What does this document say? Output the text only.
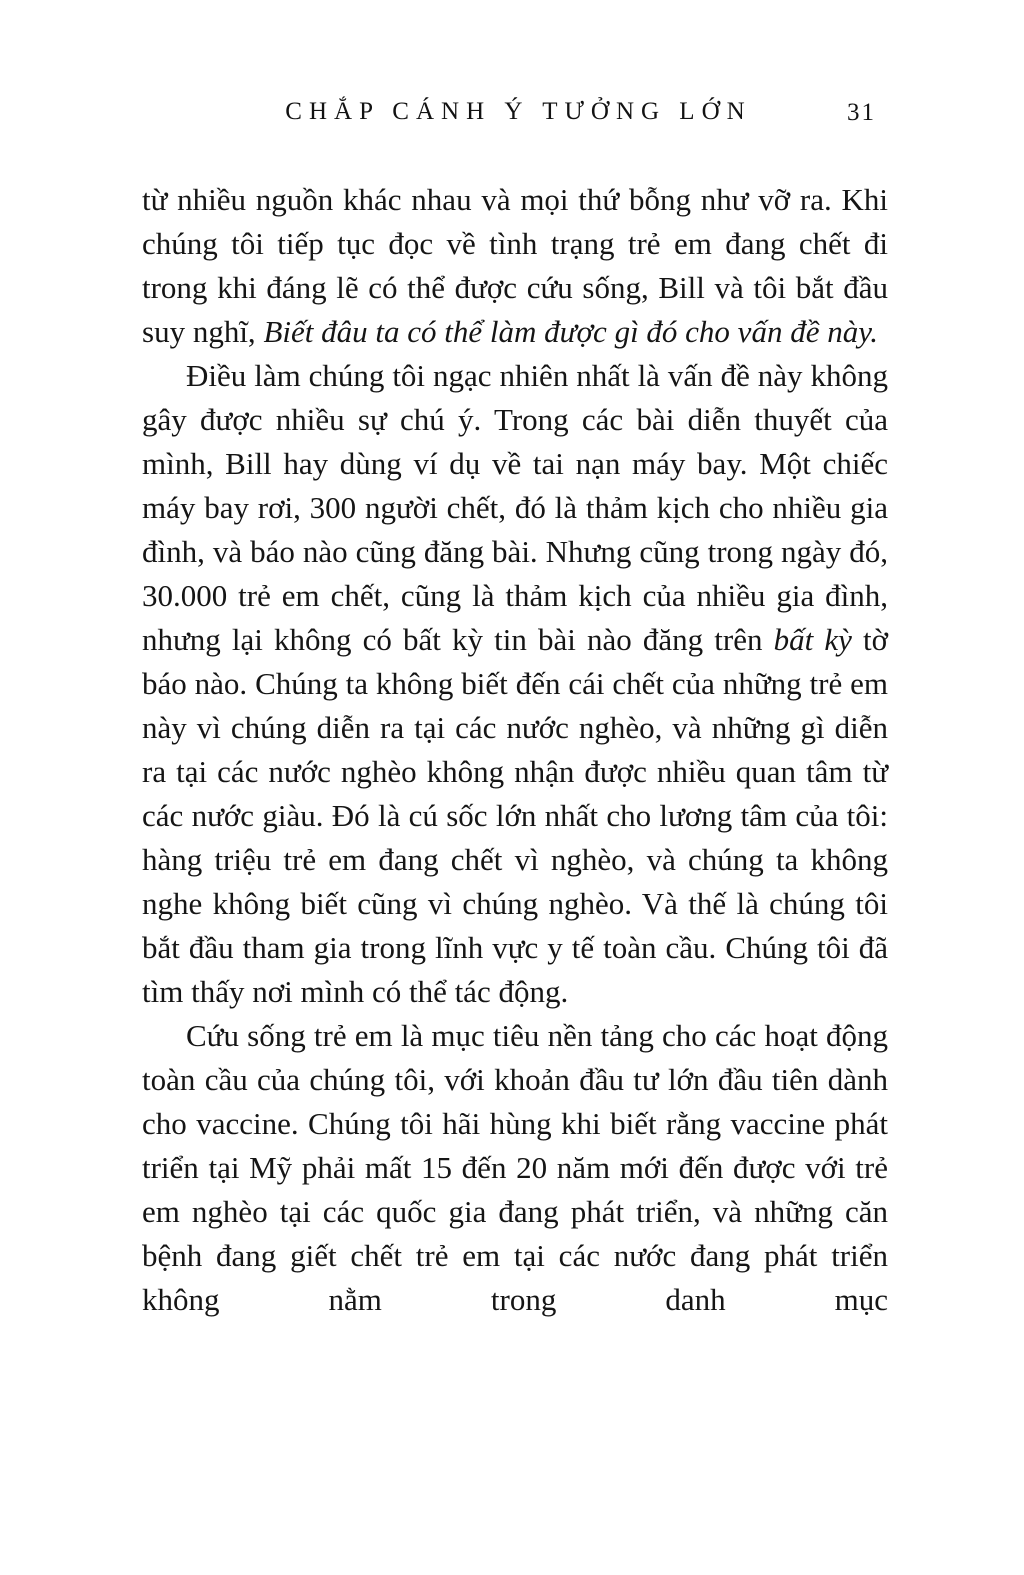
CHẮP CÁNH Ý TƯỞNG LỚN	31

từ nhiều nguồn khác nhau và mọi thứ bỗng như vỡ ra. Khi chúng tôi tiếp tục đọc về tình trạng trẻ em đang chết đi trong khi đáng lẽ có thể được cứu sống, Bill và tôi bắt đầu suy nghĩ, Biết đâu ta có thể làm được gì đó cho vấn đề này.

Điều làm chúng tôi ngạc nhiên nhất là vấn đề này không gây được nhiều sự chú ý. Trong các bài diễn thuyết của mình, Bill hay dùng ví dụ về tai nạn máy bay. Một chiếc máy bay rơi, 300 người chết, đó là thảm kịch cho nhiều gia đình, và báo nào cũng đăng bài. Nhưng cũng trong ngày đó, 30.000 trẻ em chết, cũng là thảm kịch của nhiều gia đình, nhưng lại không có bất kỳ tin bài nào đăng trên bất kỳ tờ báo nào. Chúng ta không biết đến cái chết của những trẻ em này vì chúng diễn ra tại các nước nghèo, và những gì diễn ra tại các nước nghèo không nhận được nhiều quan tâm từ các nước giàu. Đó là cú sốc lớn nhất cho lương tâm của tôi: hàng triệu trẻ em đang chết vì nghèo, và chúng ta không nghe không biết cũng vì chúng nghèo. Và thế là chúng tôi bắt đầu tham gia trong lĩnh vực y tế toàn cầu. Chúng tôi đã tìm thấy nơi mình có thể tác động.

Cứu sống trẻ em là mục tiêu nền tảng cho các hoạt động toàn cầu của chúng tôi, với khoản đầu tư lớn đầu tiên dành cho vaccine. Chúng tôi hãi hùng khi biết rằng vaccine phát triển tại Mỹ phải mất 15 đến 20 năm mới đến được với trẻ em nghèo tại các quốc gia đang phát triển, và những căn bệnh đang giết chết trẻ em tại các nước đang phát triển không nằm trong danh mục
